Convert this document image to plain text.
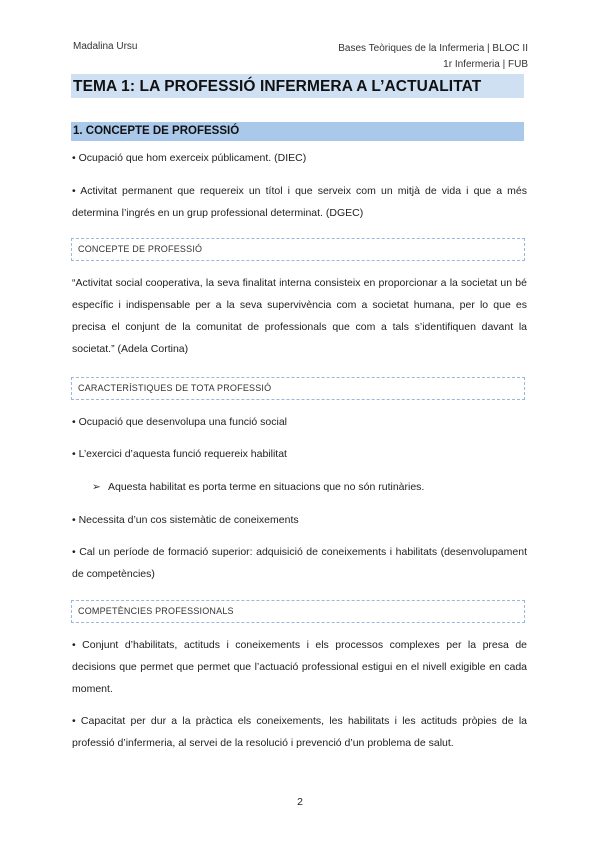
Madalina Ursu	Bases Teòriques de la Infermeria | BLOC II
1r Infermeria | FUB
TEMA 1: LA PROFESSIÓ INFERMERA A L’ACTUALITAT
1. CONCEPTE DE PROFESSIÓ
• Ocupació que hom exerceix públicament. (DIEC)
• Activitat permanent que requereix un títol i que serveix com un mitjà de vida i que a més determina l’ingrés en un grup professional determinat. (DGEC)
CONCEPTE DE PROFESSIÓ
“Activitat social cooperativa, la seva finalitat interna consisteix en proporcionar a la societat un bé específic i indispensable per a la seva supervivència com a societat humana, per lo que es precisa el conjunt de la comunitat de professionals que com a tals s’identifiquen davant la societat.” (Adela Cortina)
CARACTERÍSTIQUES DE TOTA PROFESSIÓ
• Ocupació que desenvolupa una funció social
• L’exercici d’aquesta funció requereix habilitat
➢ Aquesta habilitat es porta terme en situacions que no són rutinàries.
• Necessita d’un cos sistemàtic de coneixements
• Cal un període de formació superior: adquisició de coneixements i habilitats (desenvolupament de competències)
COMPETÈNCIES PROFESSIONALS
• Conjunt d’habilitats, actituds i coneixements i els processos complexes per la presa de decisions que permet que permet que l’actuació professional estigui en el nivell exigible en cada moment.
• Capacitat per dur a la pràctica els coneixements, les habilitats i les actituds pròpies de la professió d’infermeria, al servei de la resolució i prevenció d’un problema de salut.
2
